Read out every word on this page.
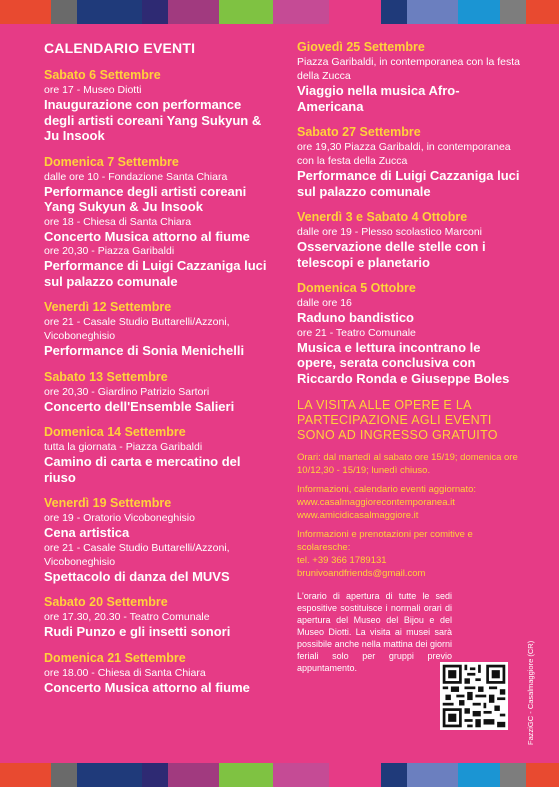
CALENDARIO EVENTI
Sabato 6 Settembre
ore 17 - Museo Diotti
Inaugurazione con performance degli artisti coreani Yang Sukyun & Ju Insook
Domenica 7 Settembre
dalle ore 10 - Fondazione Santa Chiara
Performance degli artisti coreani Yang Sukyun & Ju Insook
ore 18 - Chiesa di Santa Chiara
Concerto Musica attorno al fiume
ore 20,30 - Piazza Garibaldi
Performance di Luigi Cazzaniga luci sul palazzo comunale
Venerdì 12 Settembre
ore 21 - Casale Studio Buttarelli/Azzoni, Vicoboneghisio
Performance di Sonia Menichelli
Sabato 13 Settembre
ore 20,30 - Giardino Patrizio Sartori
Concerto dell'Ensemble Salieri
Domenica 14 Settembre
tutta la giornata - Piazza Garibaldi
Camino di carta e mercatino del riuso
Venerdì 19 Settembre
ore 19 - Oratorio Vicoboneghisio
Cena artistica
ore 21 - Casale Studio Buttarelli/Azzoni, Vicoboneghisio
Spettacolo di danza del MUVS
Sabato 20 Settembre
ore 17.30, 20.30 - Teatro Comunale
Rudi Punzo e gli insetti sonori
Domenica 21 Settembre
ore 18.00 - Chiesa di Santa Chiara
Concerto Musica attorno al fiume
Giovedì 25 Settembre
Piazza Garibaldi, in contemporanea con la festa della Zucca
Viaggio nella musica Afro-Americana
Sabato 27 Settembre
ore 19,30 Piazza Garibaldi, in contemporanea con la festa della Zucca
Performance di Luigi Cazzaniga luci sul palazzo comunale
Venerdì 3 e Sabato 4 Ottobre
dalle ore 19 - Plesso scolastico Marconi
Osservazione delle stelle con i telescopi e planetario
Domenica 5 Ottobre
dalle ore 16
Raduno bandistico
ore 21 - Teatro Comunale
Musica e lettura incontrano le opere, serata conclusiva con Riccardo Ronda e Giuseppe Boles
LA VISITA ALLE OPERE E LA PARTECIPAZIONE AGLI EVENTI SONO AD INGRESSO GRATUITO
Orari: dal martedì al sabato ore 15/19; domenica ore 10/12,30 - 15/19; lunedì chiuso.
Informazioni, calendario eventi aggiornato:
www.casalmaggiorecontemporanea.it
www.amicidicasalmaggiore.it
Informazioni e prenotazioni per comitive e scolaresche:
tel. +39 366 1789131
brunivoandfriends@gmail.com
L'orario di apertura di tutte le sedi espositive sostituisce i normali orari di apertura del Museo del Bijou e del Museo Diotti. La visita ai musei sarà possibile anche nella mattina dei giorni feriali solo per gruppi previo appuntamento.	FazziGC - Casalmaggiore (CR)
